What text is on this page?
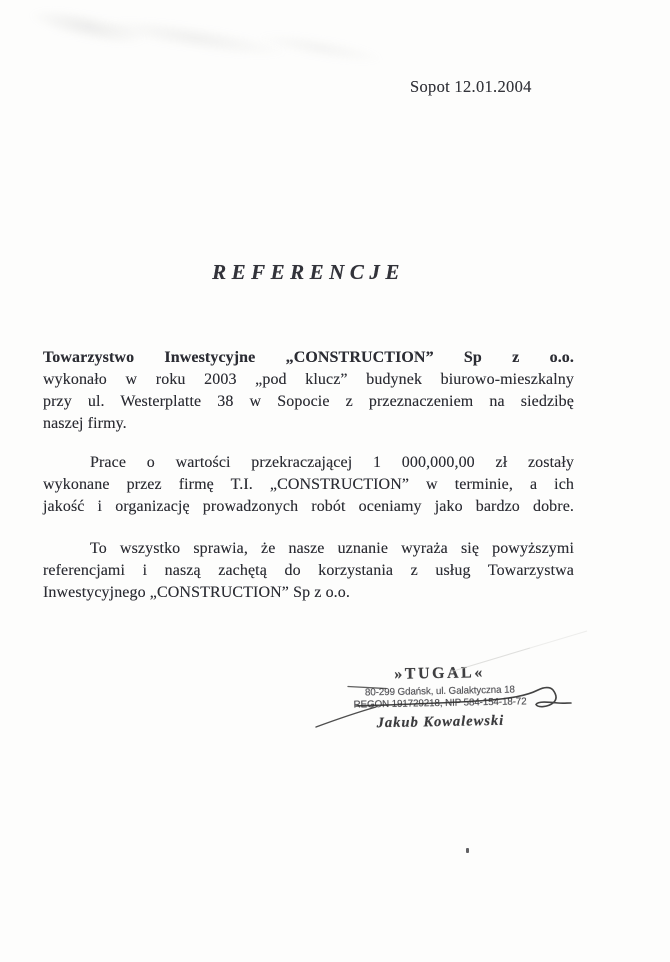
Sopot 12.01.2004
REFERENCJE
Towarzystwo Inwestycyjne „CONSTRUCTION” Sp z o.o.
wykonało w roku 2003 „pod klucz” budynek biurowo-mieszkalny
przy ul. Westerplatte 38 w Sopocie z przeznaczeniem na siedzibę
naszej firmy.
Prace o wartości przekraczającej 1 000,000,00 zł zostały
wykonane przez firmę T.I. „CONSTRUCTION” w terminie, a ich
jakość i organizację prowadzonych robót oceniamy jako bardzo dobre.
To wszystko sprawia, że nasze uznanie wyraża się powyższymi
referencjami i naszą zachętą do korzystania z usług Towarzystwa
Inwestycyjnego „CONSTRUCTION” Sp z o.o.
»TUGAL«
80-299 Gdańsk, ul. Galaktyczna 18
REGON 191729218, NIP 584-154-18-72
Jakub Kowalewski
